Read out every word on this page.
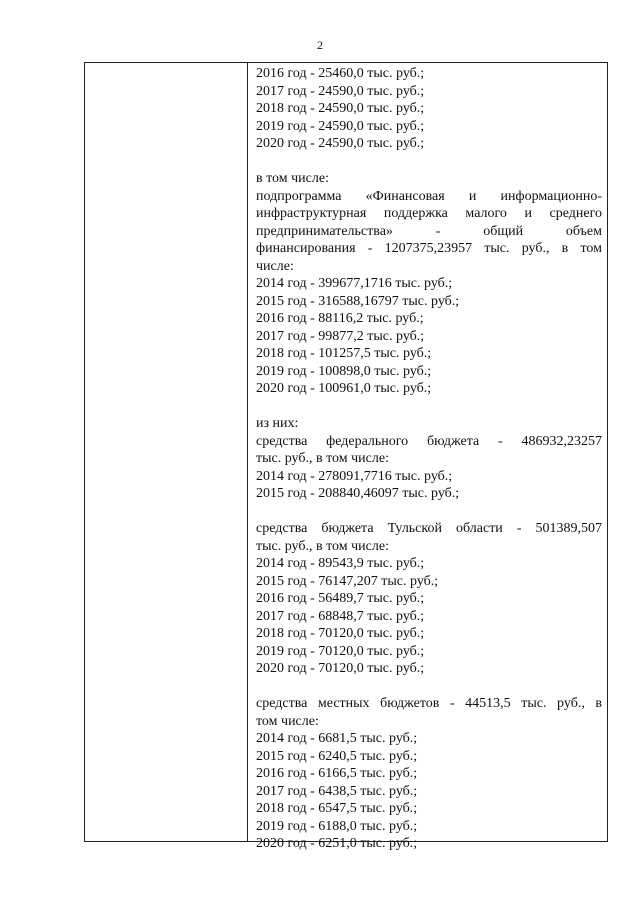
2
2016 год - 25460,0 тыс. руб.;
2017 год - 24590,0 тыс. руб.;
2018 год - 24590,0 тыс. руб.;
2019 год - 24590,0 тыс. руб.;
2020 год - 24590,0 тыс. руб.;
в том числе:
подпрограмма «Финансовая и информационно-
инфраструктурная поддержка малого и среднего
предпринимательства» - общий объем
финансирования - 1207375,23957 тыс. руб., в том
числе:
2014 год - 399677,1716 тыс. руб.;
2015 год - 316588,16797 тыс. руб.;
2016 год - 88116,2 тыс. руб.;
2017 год - 99877,2 тыс. руб.;
2018 год - 101257,5 тыс. руб.;
2019 год - 100898,0 тыс. руб.;
2020 год - 100961,0 тыс. руб.;
из них:
средства федерального бюджета - 486932,23257
тыс. руб., в том числе:
2014 год - 278091,7716 тыс. руб.;
2015 год - 208840,46097 тыс. руб.;
средства бюджета Тульской области - 501389,507
тыс. руб., в том числе:
2014 год - 89543,9 тыс. руб.;
2015 год - 76147,207 тыс. руб.;
2016 год - 56489,7 тыс. руб.;
2017 год - 68848,7 тыс. руб.;
2018 год - 70120,0 тыс. руб.;
2019 год - 70120,0 тыс. руб.;
2020 год - 70120,0 тыс. руб.;
средства местных бюджетов - 44513,5 тыс. руб., в
том числе:
2014 год - 6681,5 тыс. руб.;
2015 год - 6240,5 тыс. руб.;
2016 год - 6166,5 тыс. руб.;
2017 год - 6438,5 тыс. руб.;
2018 год - 6547,5 тыс. руб.;
2019 год - 6188,0 тыс. руб.;
2020 год - 6251,0 тыс. руб.;
